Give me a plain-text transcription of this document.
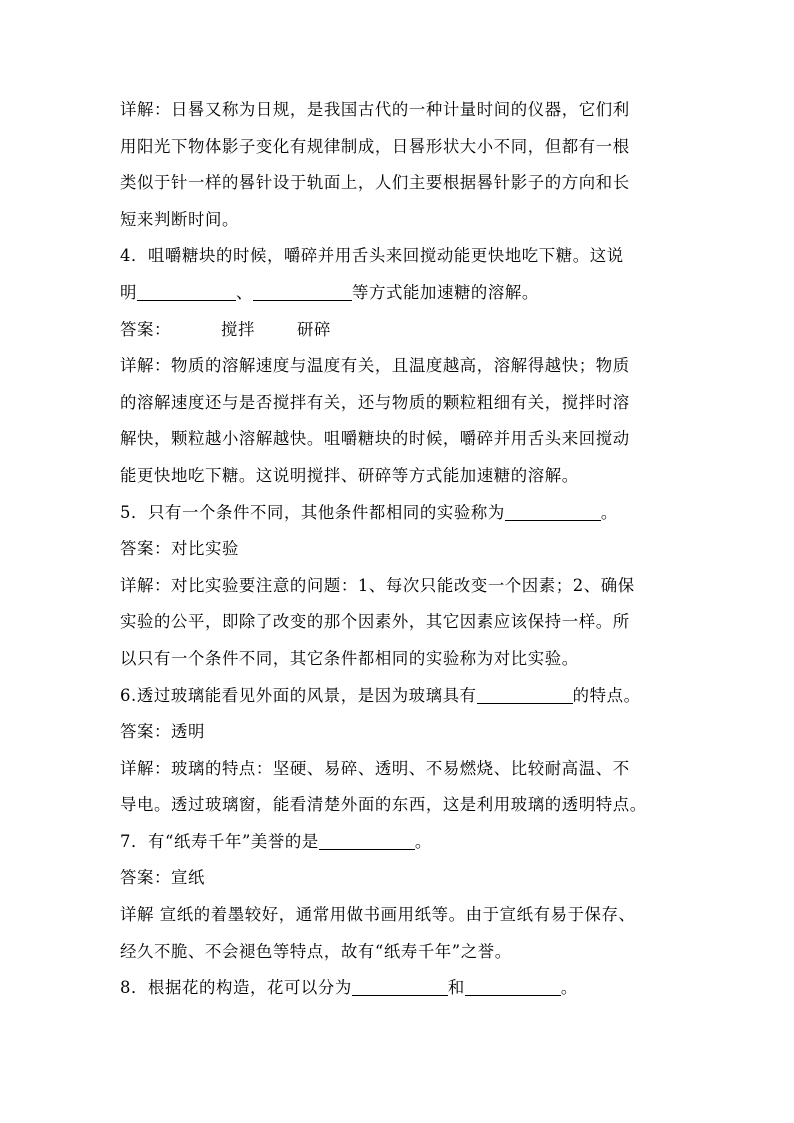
详解：日晷又称为日规，是我国古代的一种计量时间的仪器，它们利
用阳光下物体影子变化有规律制成，日晷形状大小不同，但都有一根
类似于针一样的晷针设于轨面上，人们主要根据晷针影子的方向和长
短来判断时间。
4．咀嚼糖块的时候，嚼碎并用舌头来回搅动能更快地吃下糖。这说
明	、	等方式能加速糖的溶解。
答案：	搅拌	研碎
详解：物质的溶解速度与温度有关，且温度越高，溶解得越快；物质
的溶解速度还与是否搅拌有关，还与物质的颗粒粗细有关，搅拌时溶
解快，颗粒越小溶解越快。咀嚼糖块的时候，嚼碎并用舌头来回搅动
能更快地吃下糖。这说明搅拌、研碎等方式能加速糖的溶解。
5．只有一个条件不同，其他条件都相同的实验称为	。
答案：对比实验
详解：对比实验要注意的问题：1、每次只能改变一个因素；2、确保
实验的公平，即除了改变的那个因素外，其它因素应该保持一样。所
以只有一个条件不同，其它条件都相同的实验称为对比实验。
6.透过玻璃能看见外面的风景，是因为玻璃具有	的特点。
答案：透明
详解：玻璃的特点：坚硬、易碎、透明、不易燃烧、比较耐高温、不
导电。透过玻璃窗，能看清楚外面的东西，这是利用玻璃的透明特点。
7．有“纸寿千年”美誉的是	。
答案：宣纸
详解 宣纸的着墨较好，通常用做书画用纸等。由于宣纸有易于保存、
经久不脆、不会褪色等特点，故有“纸寿千年”之誉。
8．根据花的构造，花可以分为	和	。
